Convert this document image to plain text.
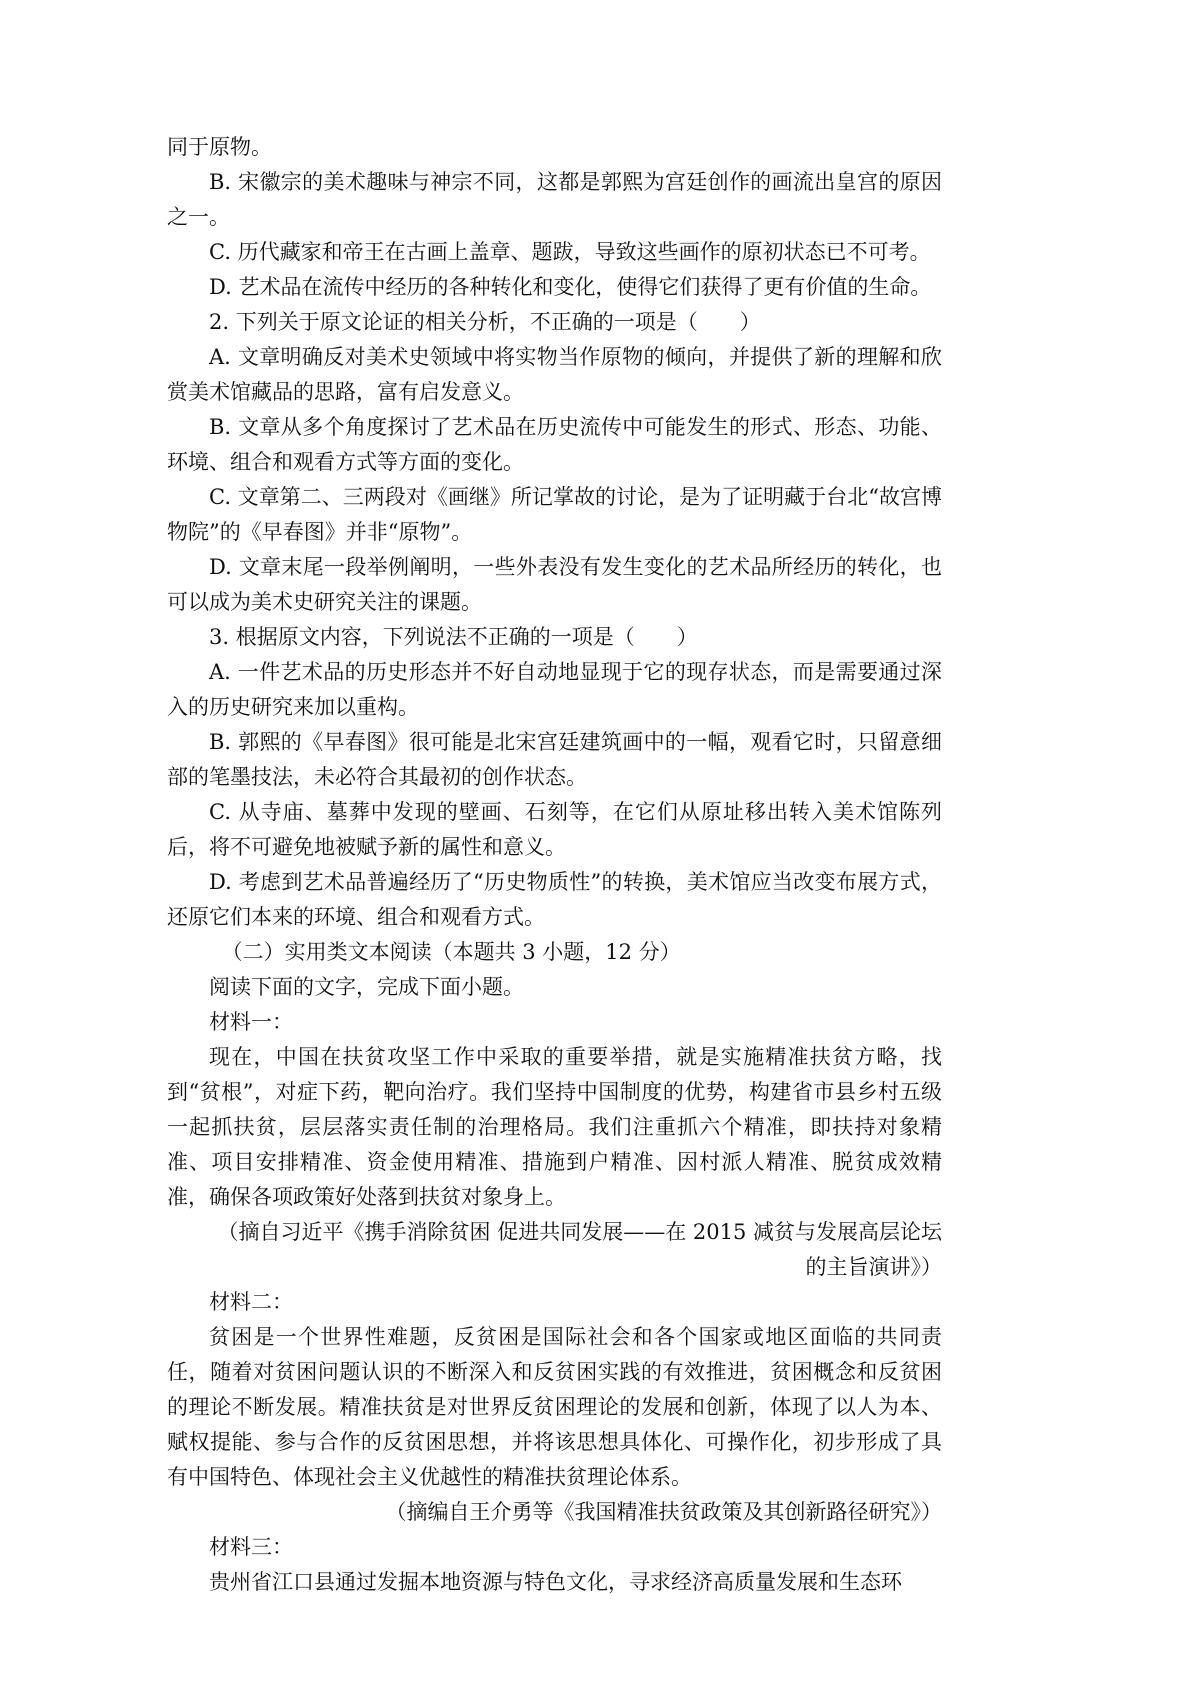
同于原物。

B. 宋徽宗的美术趣味与神宗不同，这都是郭熙为宫廷创作的画流出皇宫的原因之一。

C. 历代藏家和帝王在古画上盖章、题跋，导致这些画作的原初状态已不可考。

D. 艺术品在流传中经历的各种转化和变化，使得它们获得了更有价值的生命。

2. 下列关于原文论证的相关分析，不正确的一项是（　　）

A. 文章明确反对美术史领域中将实物当作原物的倾向，并提供了新的理解和欣赏美术馆藏品的思路，富有启发意义。

B. 文章从多个角度探讨了艺术品在历史流传中可能发生的形式、形态、功能、环境、组合和观看方式等方面的变化。

C. 文章第二、三两段对《画继》所记掌故的讨论，是为了证明藏于台北“故宫博物院”的《早春图》并非“原物”。

D. 文章末尾一段举例阐明，一些外表没有发生变化的艺术品所经历的转化，也可以成为美术史研究关注的课题。

3. 根据原文内容，下列说法不正确的一项是（　　）

A. 一件艺术品的历史形态并不好自动地显现于它的现存状态，而是需要通过深入的历史研究来加以重构。

B. 郭熙的《早春图》很可能是北宋宫廷建筑画中的一幅，观看它时，只留意细部的笔墨技法，未必符合其最初的创作状态。

C. 从寺庙、墓葬中发现的壁画、石刻等，在它们从原址移出转入美术馆陈列后，将不可避免地被赋予新的属性和意义。

D. 考虑到艺术品普遍经历了“历史物质性”的转换，美术馆应当改变布展方式，还原它们本来的环境、组合和观看方式。

（二）实用类文本阅读（本题共 3 小题，12 分）

阅读下面的文字，完成下面小题。

材料一：

现在，中国在扶贫攻坚工作中采取的重要举措，就是实施精准扶贫方略，找到“贫根”，对症下药，靶向治疗。我们坚持中国制度的优势，构建省市县乡村五级一起抓扶贫，层层落实责任制的治理格局。我们注重抓六个精准，即扶持对象精准、项目安排精准、资金使用精准、措施到户精准、因村派人精准、脱贫成效精准，确保各项政策好处落到扶贫对象身上。

（摘自习近平《携手消除贫困 促进共同发展——在 2015 减贫与发展高层论坛的主旨演讲》）

材料二：

贫困是一个世界性难题，反贫困是国际社会和各个国家或地区面临的共同责任，随着对贫困问题认识的不断深入和反贫困实践的有效推进，贫困概念和反贫困的理论不断发展。精准扶贫是对世界反贫困理论的发展和创新，体现了以人为本、赋权提能、参与合作的反贫困思想，并将该思想具体化、可操作化，初步形成了具有中国特色、体现社会主义优越性的精准扶贫理论体系。

（摘编自王介勇等《我国精准扶贫政策及其创新路径研究》）

材料三：

贵州省江口县通过发掘本地资源与特色文化，寻求经济高质量发展和生态环
